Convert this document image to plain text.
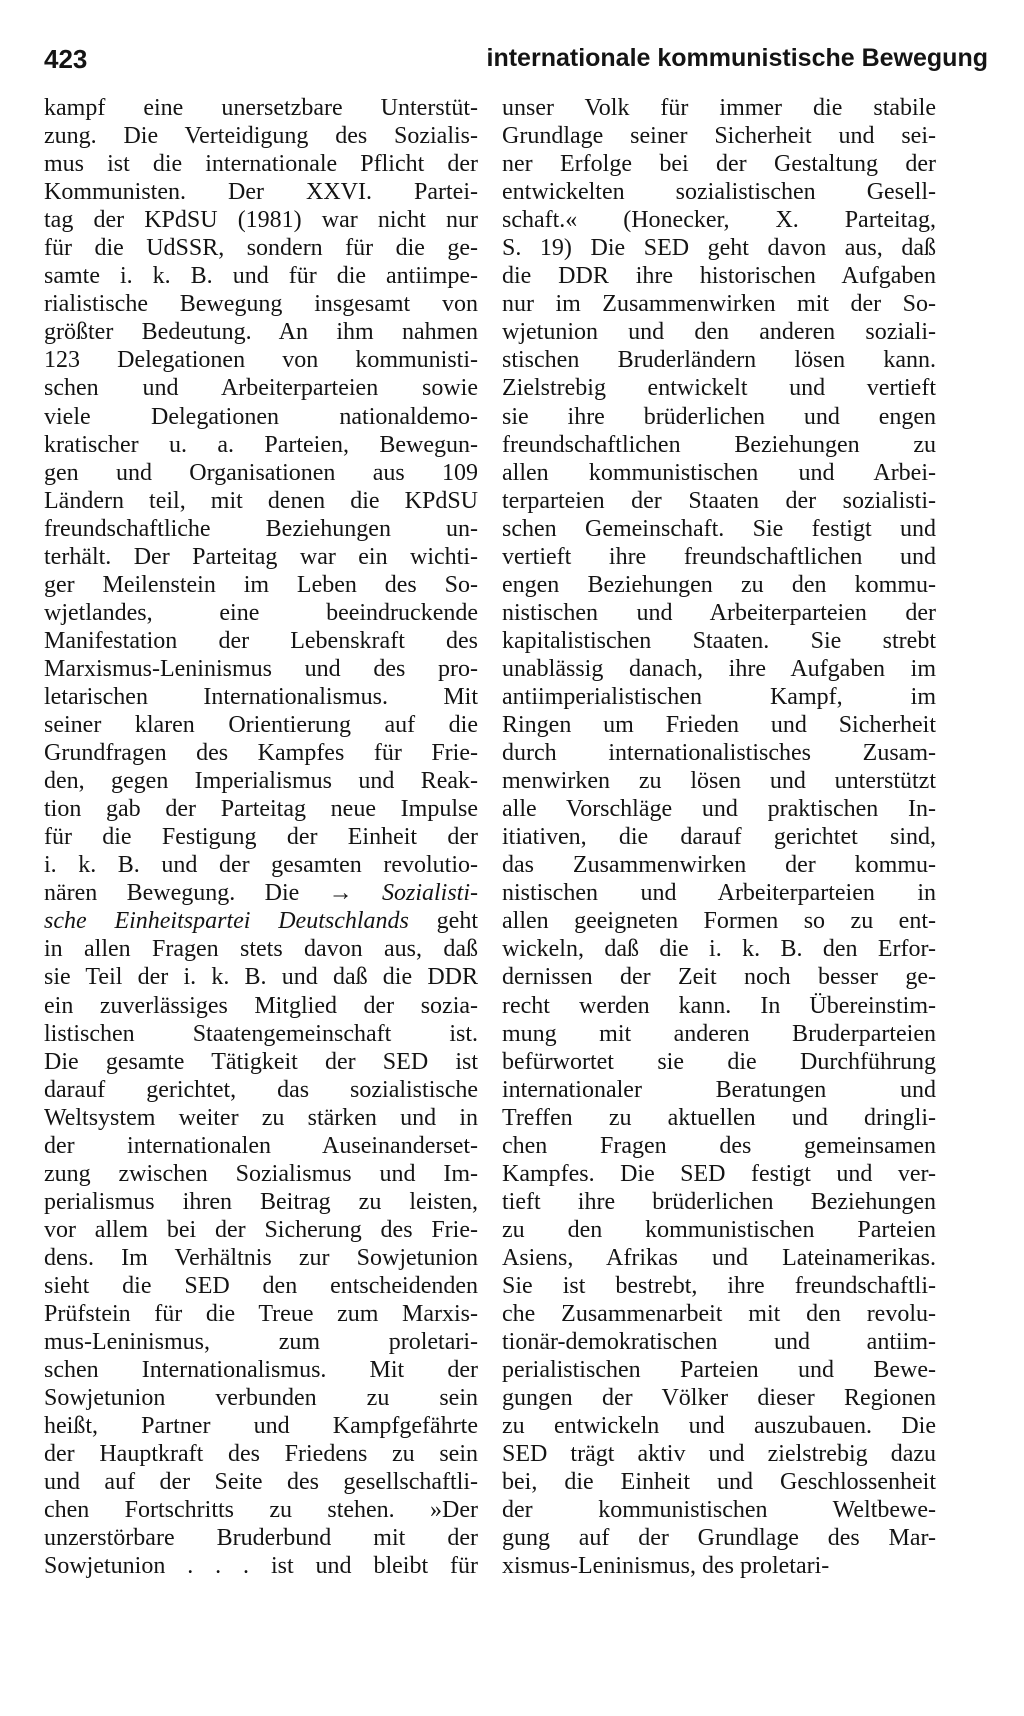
423	internationale kommunistische Bewegung
kampf eine unersetzbare Unterstüt-
zung. Die Verteidigung des Sozialis-
mus ist die internationale Pflicht der
Kommunisten. Der XXVI. Partei-
tag der KPdSU (1981) war nicht nur
für die UdSSR, sondern für die ge-
samte i. k. B. und für die antiimpe-
rialistische Bewegung insgesamt von
größter Bedeutung. An ihm nahmen
123 Delegationen von kommunisti-
schen und Arbeiterparteien sowie
viele Delegationen nationaldemo-
kratischer u. a. Parteien, Bewegun-
gen und Organisationen aus 109
Ländern teil, mit denen die KPdSU
freundschaftliche Beziehungen un-
terhält. Der Parteitag war ein wichti-
ger Meilenstein im Leben des So-
wjetlandes, eine beeindruckende
Manifestation der Lebenskraft des
Marxismus-Leninismus und des pro-
letarischen Internationalismus. Mit
seiner klaren Orientierung auf die
Grundfragen des Kampfes für Frie-
den, gegen Imperialismus und Reak-
tion gab der Parteitag neue Impulse
für die Festigung der Einheit der
i. k. B. und der gesamten revolutio-
nären Bewegung. Die → Sozialisti-
sche Einheitspartei Deutschlands geht
in allen Fragen stets davon aus, daß
sie Teil der i. k. B. und daß die DDR
ein zuverlässiges Mitglied der sozia-
listischen Staatengemeinschaft ist.
Die gesamte Tätigkeit der SED ist
darauf gerichtet, das sozialistische
Weltsystem weiter zu stärken und in
der internationalen Auseinanderset-
zung zwischen Sozialismus und Im-
perialismus ihren Beitrag zu leisten,
vor allem bei der Sicherung des Frie-
dens. Im Verhältnis zur Sowjetunion
sieht die SED den entscheidenden
Prüfstein für die Treue zum Marxis-
mus-Leninismus, zum proletari-
schen Internationalismus. Mit der
Sowjetunion verbunden zu sein
heißt, Partner und Kampfgefährte
der Hauptkraft des Friedens zu sein
und auf der Seite des gesellschaftli-
chen Fortschritts zu stehen. »Der
unzerstörbare Bruderbund mit der
Sowjetunion . . . ist und bleibt für
unser Volk für immer die stabile
Grundlage seiner Sicherheit und sei-
ner Erfolge bei der Gestaltung der
entwickelten sozialistischen Gesell-
schaft.« (Honecker, X. Parteitag,
S. 19) Die SED geht davon aus, daß
die DDR ihre historischen Aufgaben
nur im Zusammenwirken mit der So-
wjetunion und den anderen soziali-
stischen Bruderländern lösen kann.
Zielstrebig entwickelt und vertieft
sie ihre brüderlichen und engen
freundschaftlichen Beziehungen zu
allen kommunistischen und Arbei-
terparteien der Staaten der sozialisti-
schen Gemeinschaft. Sie festigt und
vertieft ihre freundschaftlichen und
engen Beziehungen zu den kommu-
nistischen und Arbeiterparteien der
kapitalistischen Staaten. Sie strebt
unablässig danach, ihre Aufgaben im
antiimperialistischen Kampf, im
Ringen um Frieden und Sicherheit
durch internationalistisches Zusam-
menwirken zu lösen und unterstützt
alle Vorschläge und praktischen In-
itiativen, die darauf gerichtet sind,
das Zusammenwirken der kommu-
nistischen und Arbeiterparteien in
allen geeigneten Formen so zu ent-
wickeln, daß die i. k. B. den Erfor-
dernissen der Zeit noch besser ge-
recht werden kann. In Übereinstim-
mung mit anderen Bruderparteien
befürwortet sie die Durchführung
internationaler Beratungen und
Treffen zu aktuellen und dringli-
chen Fragen des gemeinsamen
Kampfes. Die SED festigt und ver-
tieft ihre brüderlichen Beziehungen
zu den kommunistischen Parteien
Asiens, Afrikas und Lateinamerikas.
Sie ist bestrebt, ihre freundschaftli-
che Zusammenarbeit mit den revolu-
tionär-demokratischen und antiim-
perialistischen Parteien und Bewe-
gungen der Völker dieser Regionen
zu entwickeln und auszubauen. Die
SED trägt aktiv und zielstrebig dazu
bei, die Einheit und Geschlossenheit
der kommunistischen Weltbewe-
gung auf der Grundlage des Mar-
xismus-Leninismus, des proletari-
